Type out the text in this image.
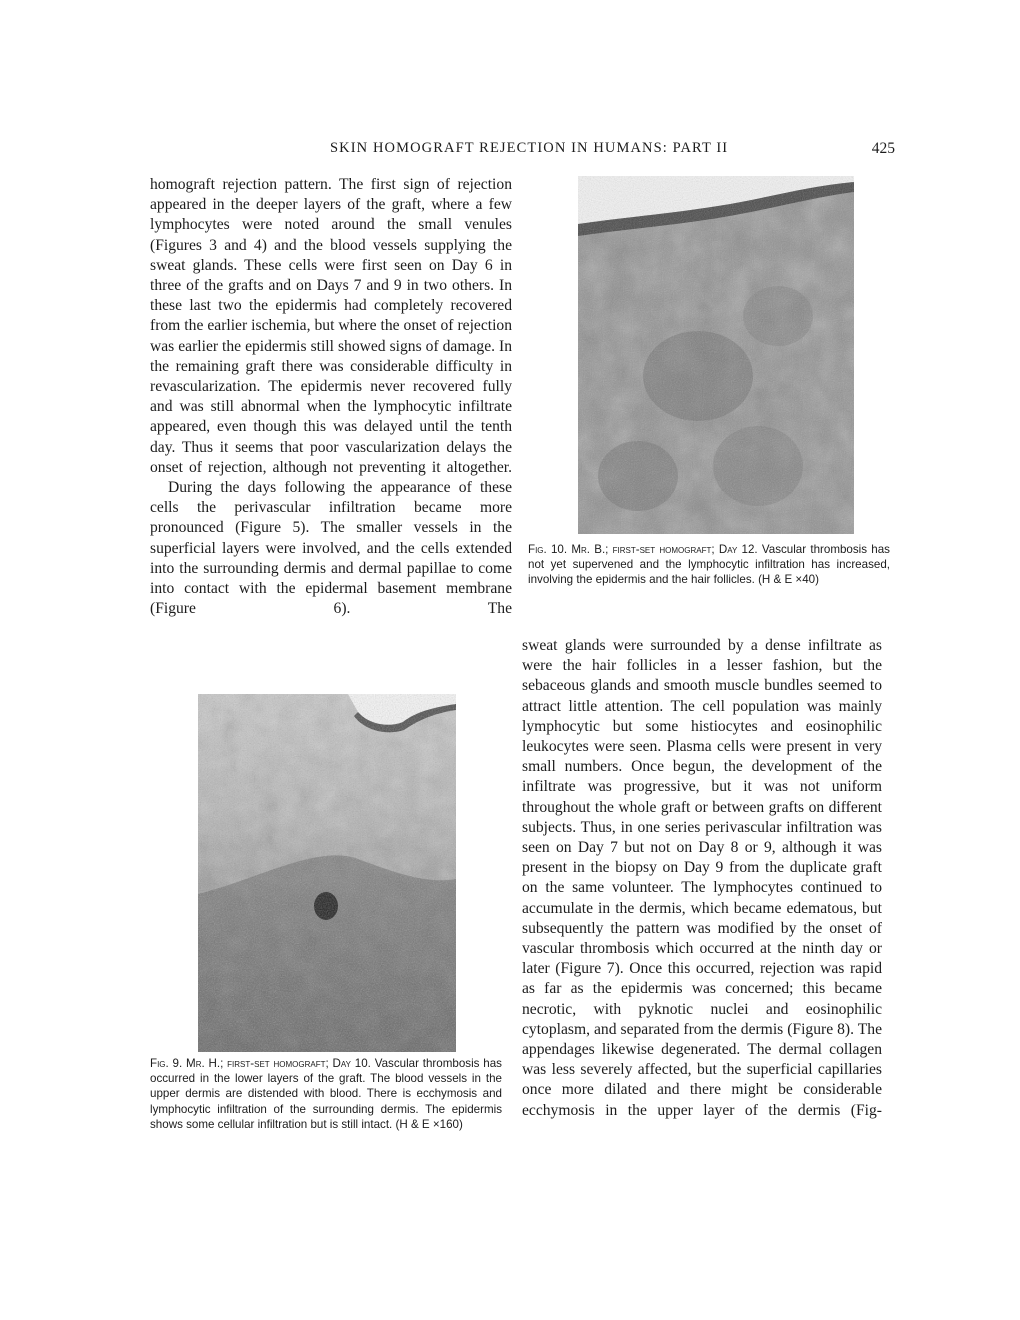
SKIN HOMOGRAFT REJECTION IN HUMANS: PART II	425

homograft rejection pattern. The first sign of rejection appeared in the deeper layers of the graft, where a few lymphocytes were noted around the small venules (Figures 3 and 4) and the blood vessels supplying the sweat glands. These cells were first seen on Day 6 in three of the grafts and on Days 7 and 9 in two others. In these last two the epidermis had completely recovered from the earlier ischemia, but where the onset of rejection was earlier the epidermis still showed signs of damage. In the remaining graft there was considerable difficulty in revascularization. The epidermis never recovered fully and was still abnormal when the lymphocytic infiltrate appeared, even though this was delayed until the tenth day. Thus it seems that poor vascularization delays the onset of rejection, although not preventing it altogether.

During the days following the appearance of these cells the perivascular infiltration became more pronounced (Figure 5). The smaller vessels in the superficial layers were involved, and the cells extended into the surrounding dermis and dermal papillae to come into contact with the epidermal basement membrane (Figure 6). The

Fig. 10. Mr. B.; first-set homograft; Day 12. Vascular thrombosis has not yet supervened and the lymphocytic infiltration has increased, involving the epidermis and the hair follicles. (H & E ×40)
Fig. 9. Mr. H.; first-set homograft; Day 10. Vascular thrombosis has occurred in the lower layers of the graft. The blood vessels in the upper dermis are distended with blood. There is ecchymosis and lymphocytic infiltration of the surrounding dermis. The epidermis shows some cellular infiltration but is still intact. (H & E ×160)

sweat glands were surrounded by a dense infiltrate as were the hair follicles in a lesser fashion, but the sebaceous glands and smooth muscle bundles seemed to attract little attention. The cell population was mainly lymphocytic but some histiocytes and eosinophilic leukocytes were seen. Plasma cells were present in very small numbers. Once begun, the development of the infiltrate was progressive, but it was not uniform throughout the whole graft or between grafts on different subjects. Thus, in one series perivascular infiltration was seen on Day 7 but not on Day 8 or 9, although it was present in the biopsy on Day 9 from the duplicate graft on the same volunteer. The lymphocytes continued to accumulate in the dermis, which became edematous, but subsequently the pattern was modified by the onset of vascular thrombosis which occurred at the ninth day or later (Figure 7). Once this occurred, rejection was rapid as far as the epidermis was concerned; this became necrotic, with pyknotic nuclei and eosinophilic cytoplasm, and separated from the dermis (Figure 8). The appendages likewise degenerated. The dermal collagen was less severely affected, but the superficial capillaries once more dilated and there might be considerable ecchymosis in the upper layer of the dermis (Fig-
